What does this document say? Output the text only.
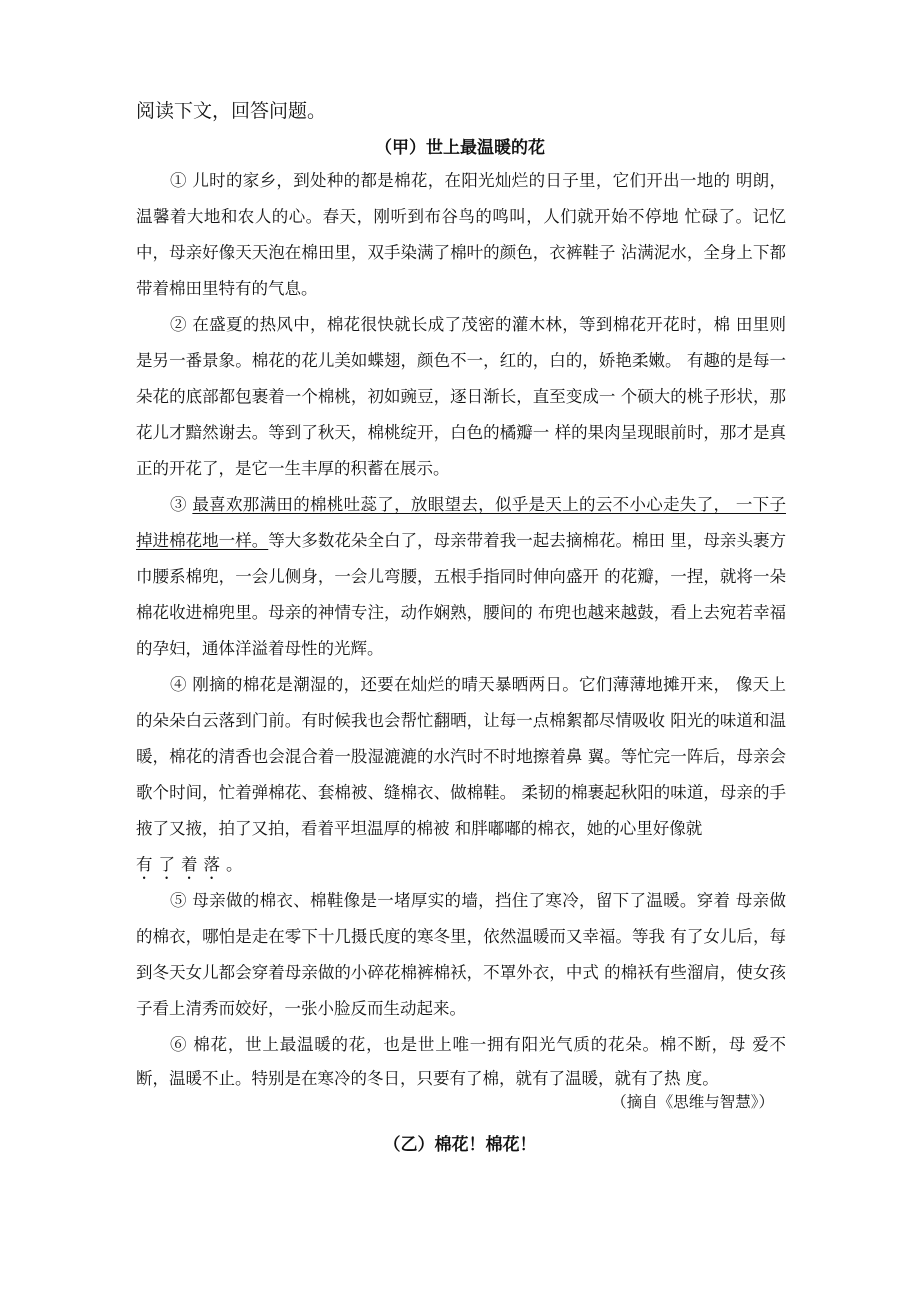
阅读下文，回答问题。
（甲）世上最温暖的花
① 儿时的家乡，到处种的都是棉花，在阳光灿烂的日子里，它们开出一地的 明朗，
温馨着大地和农人的心。春天，刚听到布谷鸟的鸣叫，人们就开始不停地 忙碌了。记忆
中，母亲好像天天泡在棉田里，双手染满了棉叶的颜色，衣裤鞋子 沾满泥水，全身上下都
带着棉田里特有的气息。
② 在盛夏的热风中，棉花很快就长成了茂密的灌木林，等到棉花开花时，棉 田里则
是另一番景象。棉花的花儿美如蝶翅，颜色不一，红的，白的，娇艳柔嫩。 有趣的是每一
朵花的底部都包裹着一个棉桃，初如豌豆，逐日渐长，直至变成一 个硕大的桃子形状，那
花儿才黯然谢去。等到了秋天，棉桃绽开，白色的橘瓣一 样的果肉呈现眼前时，那才是真
正的开花了，是它一生丰厚的积蓄在展示。
③ 最喜欢那满田的棉桃吐蕊了，放眼望去，似乎是天上的云不小心走失了， 一下子
掉进棉花地一样。等大多数花朵全白了，母亲带着我一起去摘棉花。棉田 里，母亲头裹方
巾腰系棉兜，一会儿侧身，一会儿弯腰，五根手指同时伸向盛开 的花瓣，一捏，就将一朵
棉花收进棉兜里。母亲的神情专注，动作娴熟，腰间的 布兜也越来越鼓，看上去宛若幸福
的孕妇，通体洋溢着母性的光辉。
④ 刚摘的棉花是潮湿的，还要在灿烂的晴天暴晒两日。它们薄薄地摊开来， 像天上
的朵朵白云落到门前。有时候我也会帮忙翻晒，让每一点棉絮都尽情吸收 阳光的味道和温
暖，棉花的清香也会混合着一股湿漉漉的水汽时不时地擦着鼻 翼。等忙完一阵后，母亲会
歌个时间，忙着弹棉花、套棉被、缝棉衣、做棉鞋。 柔韧的棉裹起秋阳的味道，母亲的手
掖了又掖，拍了又拍，看着平坦温厚的棉被 和胖嘟嘟的棉衣，她的心里好像就
有了着落。
⑤ 母亲做的棉衣、棉鞋像是一堵厚实的墙，挡住了寒冷，留下了温暖。穿着 母亲做
的棉衣，哪怕是走在零下十几摄氏度的寒冬里，依然温暖而又幸福。等我 有了女儿后，每
到冬天女儿都会穿着母亲做的小碎花棉裤棉袄，不罩外衣，中式 的棉袄有些溜肩，使女孩
子看上清秀而姣好，一张小脸反而生动起来。
⑥ 棉花，世上最温暖的花，也是世上唯一拥有阳光气质的花朵。棉不断，母 爱不
断，温暖不止。特别是在寒冷的冬日，只要有了棉，就有了温暖，就有了热 度。
（摘自《思维与智慧》）
（乙）棉花！棉花！
